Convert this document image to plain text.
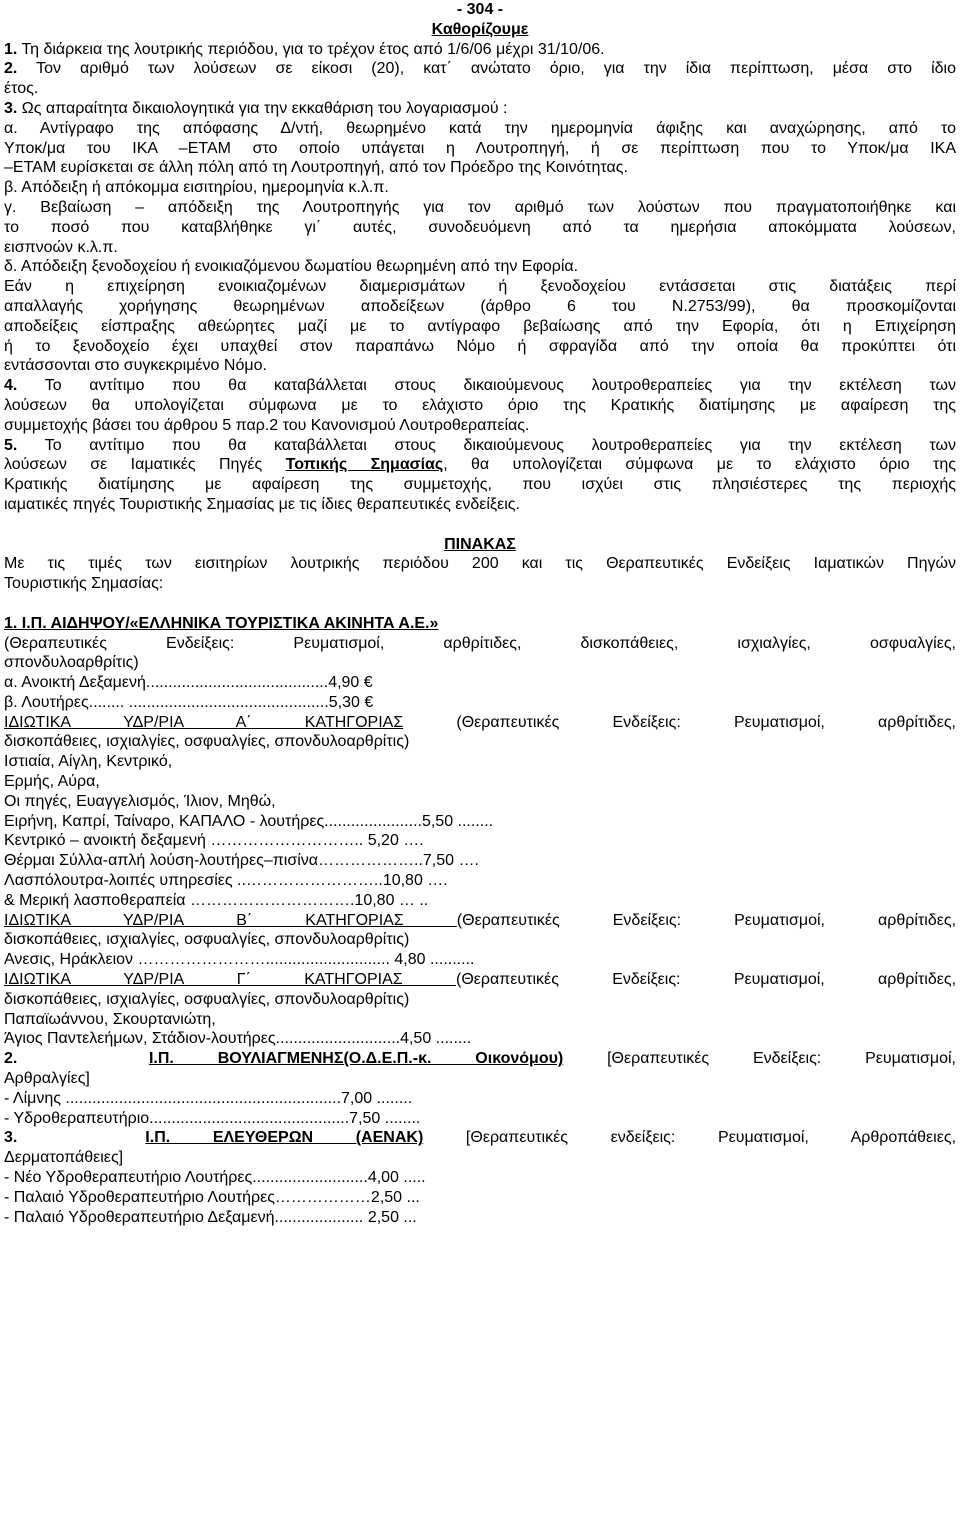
- 304 -
Καθορίζουμε
1. Τη διάρκεια της λουτρικής περιόδου, για το τρέχον έτος από 1/6/06 μέχρι 31/10/06.
2. Τον αριθμό των λούσεων σε είκοσι (20), κατ΄ ανώτατο όριο, για την ίδια περίπτωση, μέσα στο ίδιο
έτος.
3. Ως απαραίτητα δικαιολογητικά για την εκκαθάριση του λογαριασμού :
α. Αντίγραφο της απόφασης Δ/ντή, θεωρημένο κατά την ημερομηνία άφιξης και αναχώρησης, από το
Υποκ/μα του ΙΚΑ –ΕΤΑΜ στο οποίο υπάγεται η Λουτροπηγή, ή σε περίπτωση που το Υποκ/μα ΙΚΑ
–ΕΤΑΜ ευρίσκεται σε άλλη πόλη από τη Λουτροπηγή, από τον Πρόεδρο της Κοινότητας.
β. Απόδειξη ή απόκομμα εισιτηρίου, ημερομηνία κ.λ.π.
γ. Βεβαίωση – απόδειξη της Λουτροπηγής για τον αριθμό των λούστων που πραγματοποιήθηκε και
το ποσό που καταβλήθηκε γι΄ αυτές, συνοδευόμενη από τα ημερήσια αποκόμματα λούσεων,
εισπνοών κ.λ.π.
δ. Απόδειξη ξενοδοχείου ή ενοικιαζόμενου δωματίου θεωρημένη από την Εφορία.
Εάν η επιχείρηση ενοικιαζομένων διαμερισμάτων ή ξενοδοχείου εντάσσεται στις διατάξεις περί
απαλλαγής χορήγησης θεωρημένων αποδείξεων (άρθρο 6 του Ν.2753/99), θα προσκομίζονται
αποδείξεις είσπραξης αθεώρητες μαζί με το αντίγραφο βεβαίωσης από την Εφορία, ότι η Επιχείρηση
ή το ξενοδοχείο έχει υπαχθεί στον παραπάνω Νόμο ή σφραγίδα από την οποία θα προκύπτει ότι
εντάσσονται στο συγκεκριμένο Νόμο.
4. Το αντίτιμο που θα καταβάλλεται στους δικαιούμενους λουτροθεραπείες για την εκτέλεση των
λούσεων θα υπολογίζεται σύμφωνα με το ελάχιστο όριο της Κρατικής διατίμησης με αφαίρεση της
συμμετοχής βάσει του άρθρου 5 παρ.2 του Κανονισμού Λουτροθεραπείας.
5. Το αντίτιμο που θα καταβάλλεται στους δικαιούμενους λουτροθεραπείες για την εκτέλεση των
λούσεων σε Ιαματικές Πηγές Τοπικής Σημασίας, θα υπολογίζεται σύμφωνα με το ελάχιστο όριο της
Κρατικής διατίμησης με αφαίρεση της συμμετοχής, που ισχύει στις πλησιέστερες της περιοχής
ιαματικές πηγές Τουριστικής Σημασίας με τις ίδιες θεραπευτικές ενδείξεις.
ΠΙΝΑΚΑΣ
Με τις τιμές των εισιτηρίων λουτρικής περιόδου 200 και τις Θεραπευτικές Ενδείξεις Ιαματικών Πηγών
Τουριστικής Σημασίας:
1. Ι.Π. ΑΙΔΗΨΟΥ/«ΕΛΛΗΝΙΚΑ ΤΟΥΡΙΣΤΙΚΑ ΑΚΙΝΗΤΑ Α.Ε.»
(Θεραπευτικές Ενδείξεις: Ρευματισμοί, αρθρίτιδες, δισκοπάθειες, ισχιαλγίες, οσφυαλγίες,
σπονδυλοαρθρίτις)
α. Ανοικτή Δεξαμενή.........................................4,90 €
β. Λουτήρες........ .............................................5,30 €
ΙΔΙΩΤΙΚΑ ΥΔΡ/ΡΙΑ Α΄ ΚΑΤΗΓΟΡΙΑΣ (Θεραπευτικές Ενδείξεις: Ρευματισμοί, αρθρίτιδες,
δισκοπάθειες, ισχιαλγίες, οσφυαλγίες, σπονδυλοαρθρίτις)
Ιστιαία, Αίγλη, Κεντρικό,
Ερμής, Αύρα,
Οι πηγές, Ευαγγελισμός, Ίλιον, Μηθώ,
Ειρήνη, Καπρί, Ταίναρο, ΚΑΠΑΛΟ - λουτήρες......................5,50 ........
Κεντρικό – ανοικτή δεξαμενή ……………………….. 5,20 ….
Θέρμαι Σύλλα-απλή λούση-λουτήρες–πισίνα………………..7,50 ….
Λασπόλουτρα-λοιπές υπηρεσίες ..……………………..10,80 ….
& Μερική λασποθεραπεία ………………………….10,80 … ..
ΙΔΙΩΤΙΚΑ ΥΔΡ/ΡΙΑ Β΄ ΚΑΤΗΓΟΡΙΑΣ (Θεραπευτικές Ενδείξεις: Ρευματισμοί, αρθρίτιδες,
δισκοπάθειες, ισχιαλγίες, οσφυαλγίες, σπονδυλοαρθρίτις)
Ανεσις, Ηράκλειον ……………………............................ 4,80 ..........
ΙΔΙΩΤΙΚΑ ΥΔΡ/ΡΙΑ Γ΄ ΚΑΤΗΓΟΡΙΑΣ (Θεραπευτικές Ενδείξεις: Ρευματισμοί, αρθρίτιδες,
δισκοπάθειες, ισχιαλγίες, οσφυαλγίες, σπονδυλοαρθρίτις)
Παπαϊωάννου, Σκουρτανιώτη,
Άγιος Παντελεήμων, Στάδιον-λουτήρες............................4,50 ........
2.	Ι.Π. ΒΟΥΛΙΑΓΜΕΝΗΣ(Ο.Δ.Ε.Π.-κ. Οικονόμου) [Θεραπευτικές Ενδείξεις: Ρευματισμοί,
Αρθραλγίες]
- Λίμνης ..............................................................7,00 ........
- Υδροθεραπευτήριο.............................................7,50 ........
3.	Ι.Π. ΕΛΕΥΘΕΡΩΝ (ΑΕΝΑΚ) [Θεραπευτικές ενδείξεις: Ρευματισμοί, Αρθροπάθειες,
Δερματοπάθειες]
- Νέο Υδροθεραπευτήριο Λουτήρες..........................4,00 .....
- Παλαιό Υδροθεραπευτήριο Λουτήρες………………2,50 ...
- Παλαιό Υδροθεραπευτήριο Δεξαμενή.................... 2,50 ...
